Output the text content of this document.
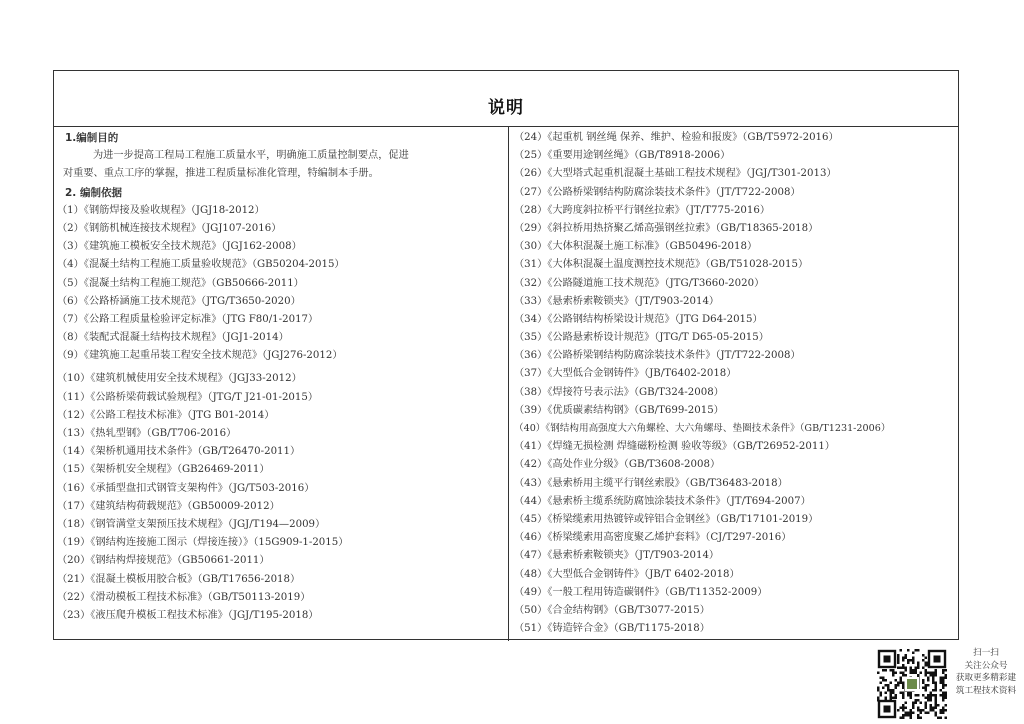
说明
1.编制目的
为进一步提高工程局工程施工质量水平，明确施工质量控制要点，促进
对重要、重点工序的掌握，推进工程质量标准化管理，特编制本手册。
2. 编制依据
（1）《钢筋焊接及验收规程》（JGJ18-2012）
（2）《钢筋机械连接技术规程》（JGJ107-2016）
（3）《建筑施工模板安全技术规范》（JGJ162-2008）
（4）《混凝土结构工程施工质量验收规范》（GB50204-2015）
（5）《混凝土结构工程施工规范》（GB50666-2011）
（6）《公路桥涵施工技术规范》（JTG/T3650-2020）
（7）《公路工程质量检验评定标准》（JTG F80/1-2017）
（8）《装配式混凝土结构技术规程》（JGJ1-2014）
（9）《建筑施工起重吊装工程安全技术规范》（JGJ276-2012）
（10）《建筑机械使用安全技术规程》（JGJ33-2012）
（11）《公路桥梁荷载试验规程》（JTG/T J21-01-2015）
（12）《公路工程技术标准》（JTG B01-2014）
（13）《热轧型钢》（GB/T706-2016）
（14）《架桥机通用技术条件》（GB/T26470-2011）
（15）《架桥机安全规程》（GB26469-2011）
（16）《承插型盘扣式钢管支架构件》（JG/T503-2016）
（17）《建筑结构荷载规范》（GB50009-2012）
（18）《钢管满堂支架预压技术规程》（JGJ/T194—2009）
（19）《钢结构连接施工图示（焊接连接）》（15G909-1-2015）
（20）《钢结构焊接规范》（GB50661-2011）
（21）《混凝土模板用胶合板》（GB/T17656-2018）
（22）《滑动模板工程技术标准》（GB/T50113-2019）
（23）《液压爬升模板工程技术标准》（JGJ/T195-2018）
（24）《起重机 钢丝绳 保养、维护、检验和报废》（GB/T5972-2016）
（25）《重要用途钢丝绳》（GB/T8918-2006）
（26）《大型塔式起重机混凝土基础工程技术规程》（JGJ/T301-2013）
（27）《公路桥梁钢结构防腐涂装技术条件》（JT/T722-2008）
（28）《大跨度斜拉桥平行钢丝拉索》（JT/T775-2016）
（29）《斜拉桥用热挤聚乙烯高强钢丝拉索》（GB/T18365-2018）
（30）《大体积混凝土施工标准》（GB50496-2018）
（31）《大体积混凝土温度测控技术规范》（GB/T51028-2015）
（32）《公路隧道施工技术规范》（JTG/T3660-2020）
（33）《悬索桥索鞍锁夹》（JT/T903-2014）
（34）《公路钢结构桥梁设计规范》（JTG D64-2015）
（35）《公路悬索桥设计规范》（JTG/T D65-05-2015）
（36）《公路桥梁钢结构防腐涂装技术条件》（JT/T722-2008）
（37）《大型低合金钢铸件》（JB/T6402-2018）
（38）《焊接符号表示法》（GB/T324-2008）
（39）《优质碳素结构钢》（GB/T699-2015）
（40）《钢结构用高强度大六角螺栓、大六角螺母、垫圈技术条件》（GB/T1231-2006）
（41）《焊缝无损检测 焊缝磁粉检测 验收等级》（GB/T26952-2011）
（42）《高处作业分级》（GB/T3608-2008）
（43）《悬索桥用主缆平行钢丝索股》（GB/T36483-2018）
（44）《悬索桥主缆系统防腐蚀涂装技术条件》（JT/T694-2007）
（45）《桥梁缆索用热镀锌或锌铝合金钢丝》（GB/T17101-2019）
（46）《桥梁缆索用高密度聚乙烯护套料》（CJ/T297-2016）
（47）《悬索桥索鞍锁夹》（JT/T903-2014）
（48）《大型低合金钢铸件》（JB/T 6402-2018）
（49）《一般工程用铸造碳钢件》（GB/T11352-2009）
（50）《合金结构钢》（GB/T3077-2015）
（51）《铸造锌合金》（GB/T1175-2018）
扫一扫
关注公众号
获取更多精彩建
筑工程技术资料
